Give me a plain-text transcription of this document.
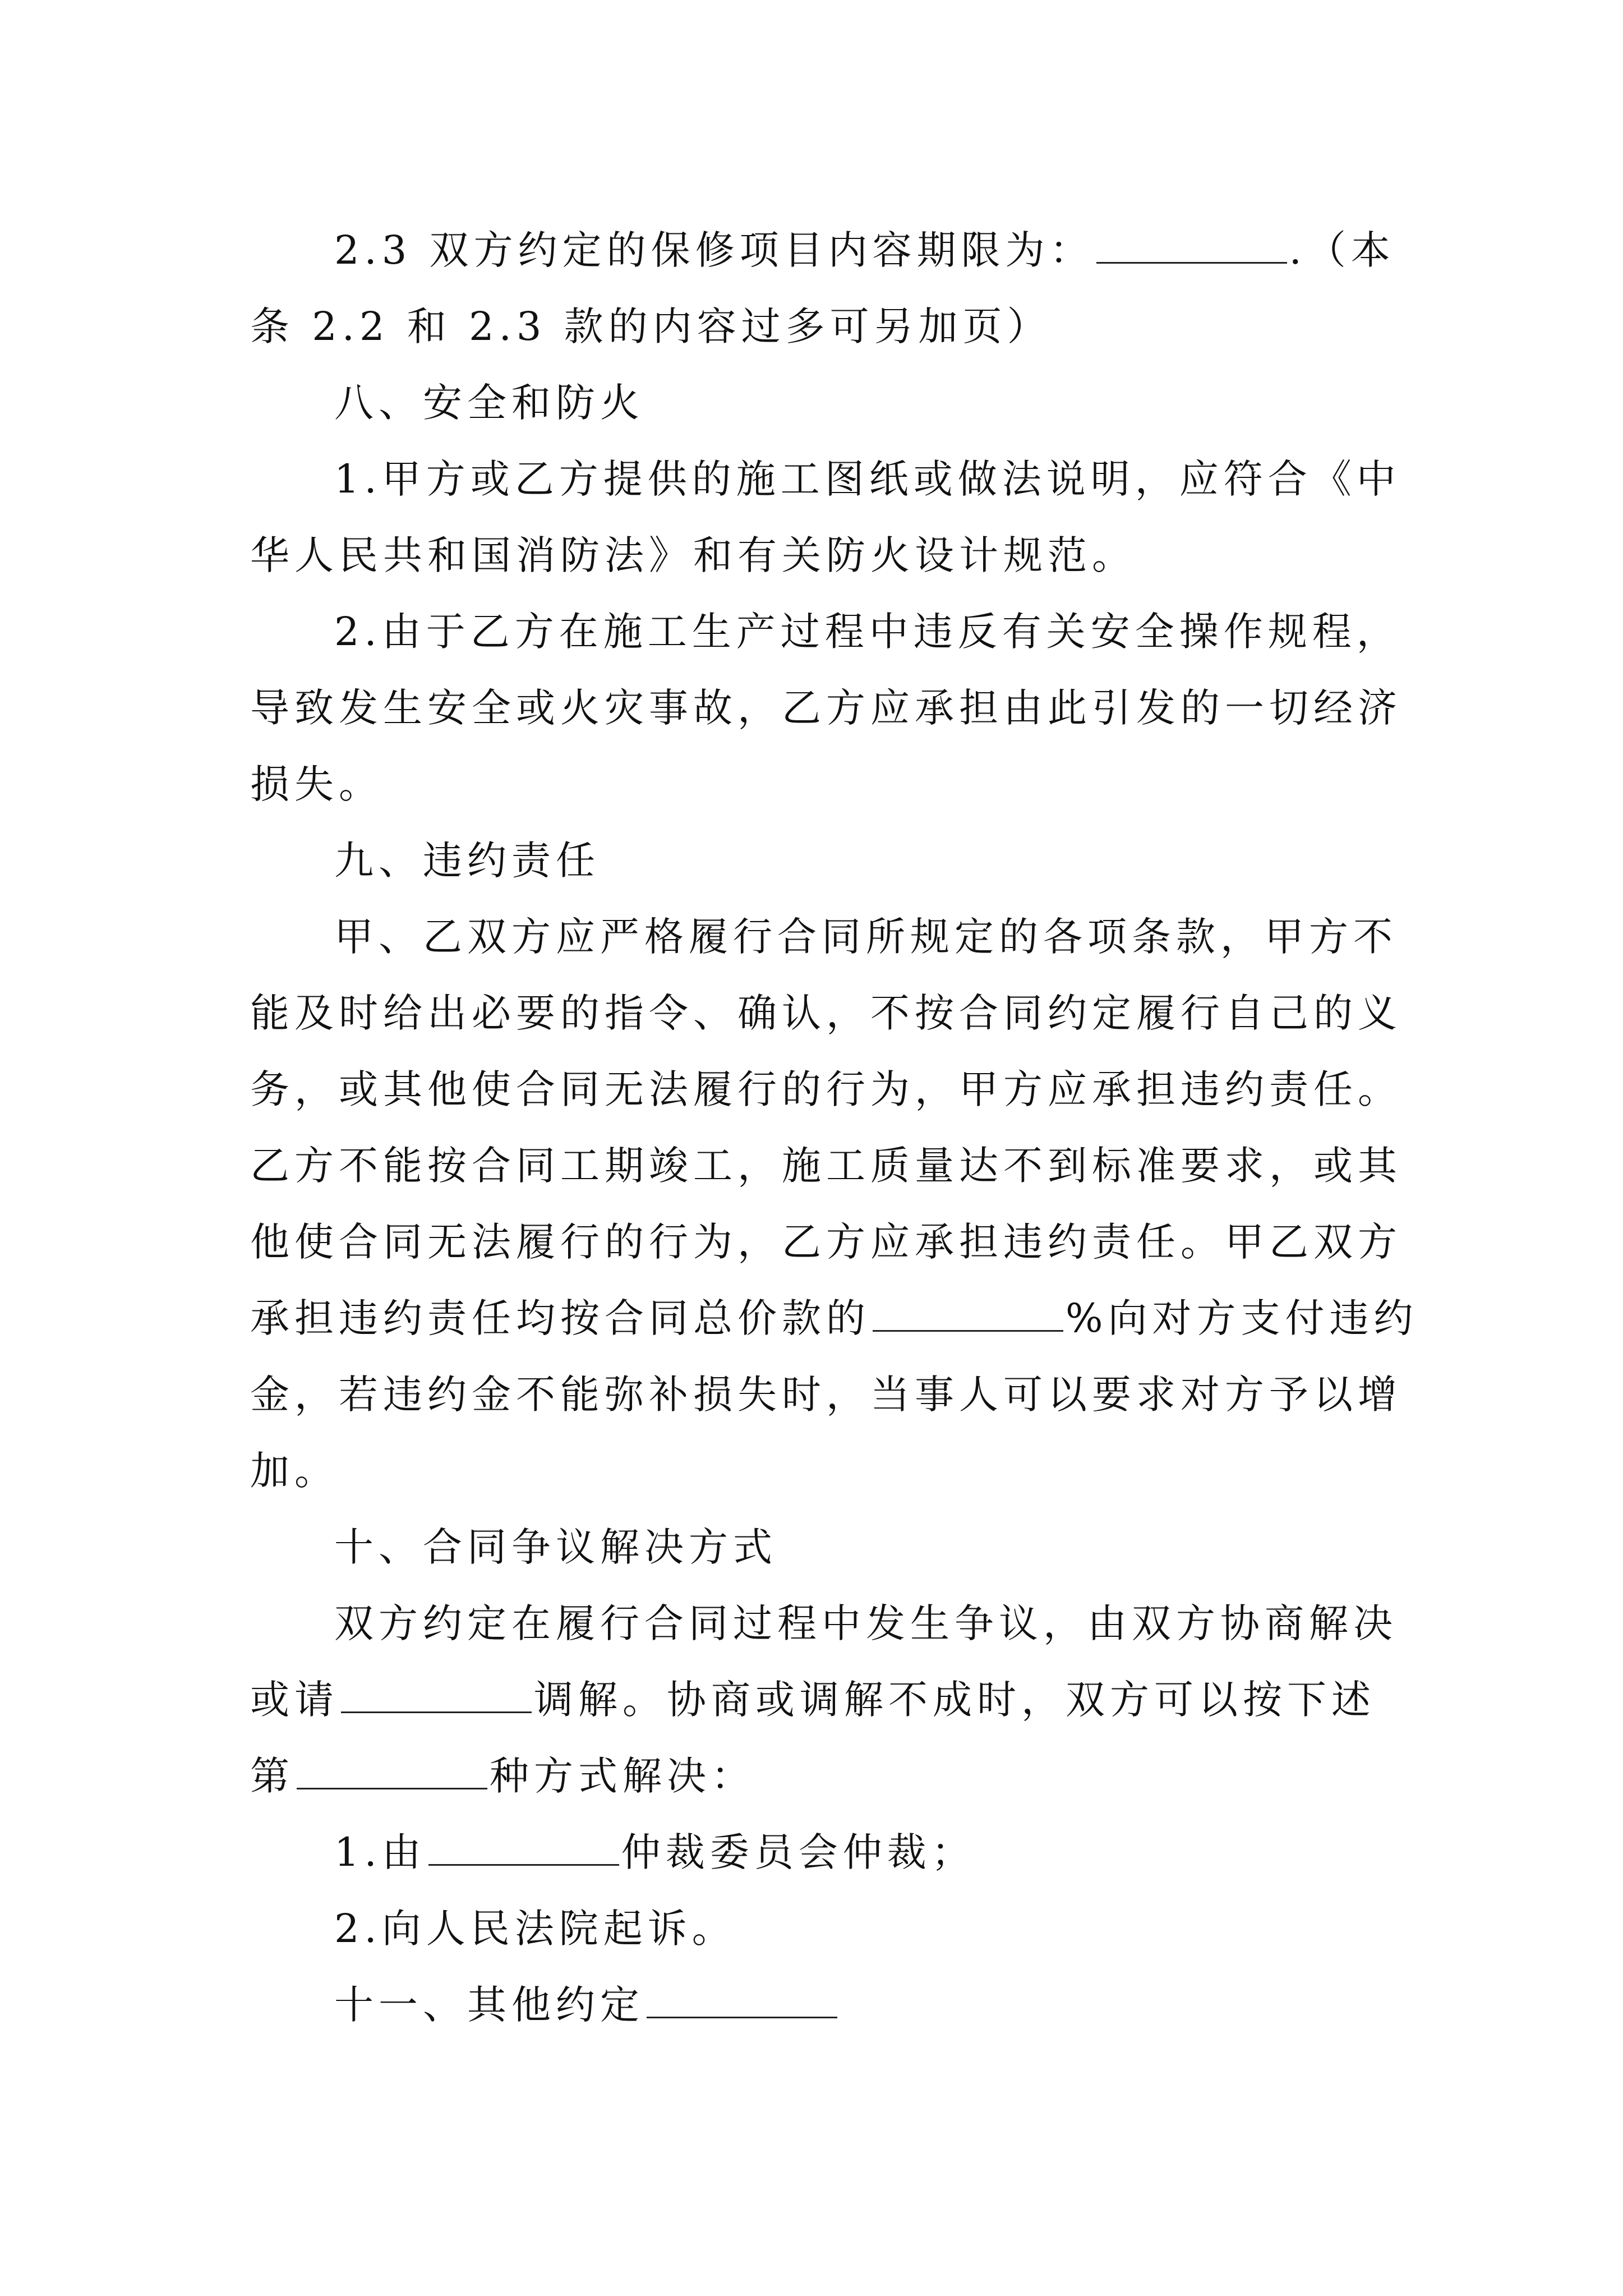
2.3 双方约定的保修项目内容期限为：	.（本
条 2.2 和 2.3 款的内容过多可另加页）
八、安全和防火
1.甲方或乙方提供的施工图纸或做法说明，应符合《中
华人民共和国消防法》和有关防火设计规范。
2.由于乙方在施工生产过程中违反有关安全操作规程，
导致发生安全或火灾事故，乙方应承担由此引发的一切经济
损失。
九、违约责任
甲、乙双方应严格履行合同所规定的各项条款，甲方不
能及时给出必要的指令、确认，不按合同约定履行自己的义
务，或其他使合同无法履行的行为，甲方应承担违约责任。
乙方不能按合同工期竣工，施工质量达不到标准要求，或其
他使合同无法履行的行为，乙方应承担违约责任。甲乙双方
承担违约责任均按合同总价款的	%向对方支付违约
金，若违约金不能弥补损失时，当事人可以要求对方予以增
加。
十、合同争议解决方式
双方约定在履行合同过程中发生争议，由双方协商解决
或请	调解。协商或调解不成时，双方可以按下述
第	种方式解决：
1.由	仲裁委员会仲裁；
2.向人民法院起诉。
十一、其他约定
